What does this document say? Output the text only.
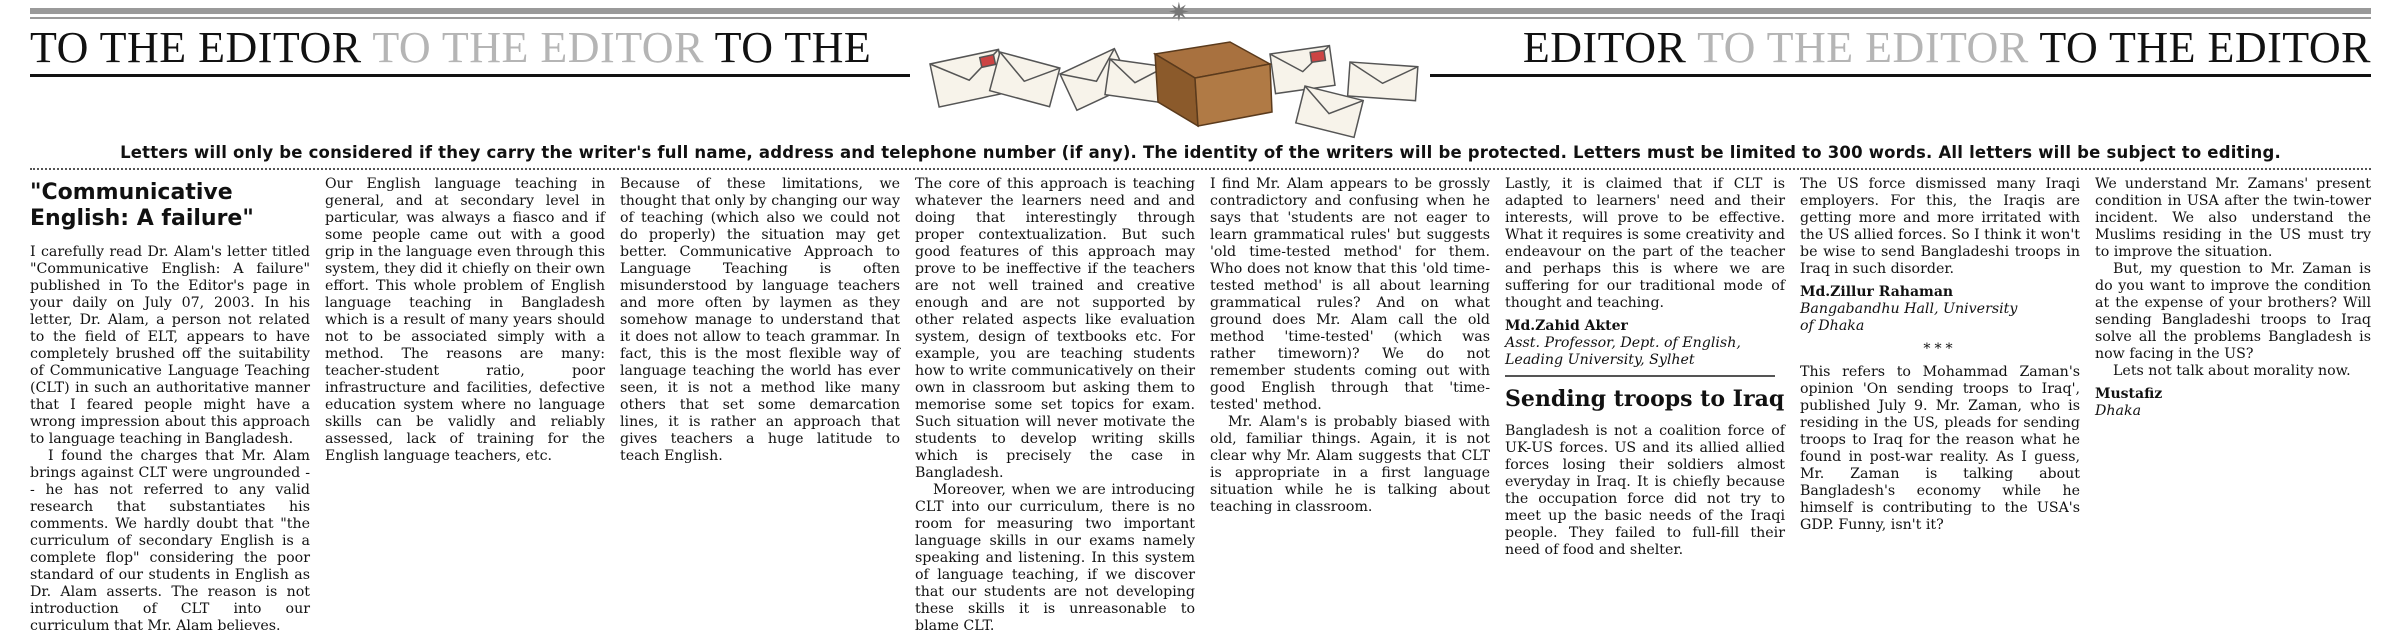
✷
TO THE EDITOR TO THE EDITOR TO THE	EDITOR TO THE EDITOR TO THE EDITOR
Letters will only be considered if they carry the writer's full name, address and telephone number (if any). The identity of the writers will be protected. Letters must be limited to 300 words. All letters will be subject to editing.
"Communicative English: A failure"

I carefully read Dr. Alam's letter titled "Communicative English: A failure" published in To the Editor's page in your daily on July 07, 2003. In his letter, Dr. Alam, a person not related to the field of ELT, appears to have completely brushed off the suitability of Communicative Language Teaching (CLT) in such an authoritative manner that I feared people might have a wrong impression about this approach to language teaching in Bangladesh.

I found the charges that Mr. Alam brings against CLT were ungrounded -- he has not referred to any valid research that substantiates his comments. We hardly doubt that "the curriculum of secondary English is a complete flop" considering the poor standard of our students in English as Dr. Alam asserts. The reason is not introduction of CLT into our curriculum that Mr. Alam believes.

Our English language teaching in general, and at secondary level in particular, was always a fiasco and if some people came out with a good grip in the language even through this system, they did it chiefly on their own effort. This whole problem of English language teaching in Bangladesh which is a result of many years should not to be associated simply with a method. The reasons are many: teacher-student ratio, poor infrastructure and facilities, defective education system where no language skills can be validly and reliably assessed, lack of training for the English language teachers, etc.

Because of these limitations, we thought that only by changing our way of teaching (which also we could not do properly) the situation may get better. Communicative Approach to Language Teaching is often misunderstood by language teachers and more often by laymen as they somehow manage to understand that it does not allow to teach grammar. In fact, this is the most flexible way of language teaching the world has ever seen, it is not a method like many others that set some demarcation lines, it is rather an approach that gives teachers a huge latitude to teach English.

The core of this approach is teaching whatever the learners need and and doing that interestingly through proper contextualization. But such good features of this approach may prove to be ineffective if the teachers are not well trained and creative enough and are not supported by other related aspects like evaluation system, design of textbooks etc. For example, you are teaching students how to write communicatively on their own in classroom but asking them to memorise some set topics for exam. Such situation will never motivate the students to develop writing skills which is precisely the case in Bangladesh.

Moreover, when we are introducing CLT into our curriculum, there is no room for measuring two important language skills in our exams namely speaking and listening. In this system of language teaching, if we discover that our students are not developing these skills it is unreasonable to blame CLT.

I find Mr. Alam appears to be grossly contradictory and confusing when he says that 'students are not eager to learn grammatical rules' but suggests 'old time-tested method' for them. Who does not know that this 'old time-tested method' is all about learning grammatical rules? And on what ground does Mr. Alam call the old method 'time-tested' (which was rather timeworn)? We do not remember students coming out with good English through that 'time-tested' method.

Mr. Alam's is probably biased with old, familiar things. Again, it is not clear why Mr. Alam suggests that CLT is appropriate in a first language situation while he is talking about teaching in classroom.

Lastly, it is claimed that if CLT is adapted to learners' need and their interests, will prove to be effective. What it requires is some creativity and endeavour on the part of the teacher and perhaps this is where we are suffering for our traditional mode of thought and teaching.

Md.Zahid Akter
Asst. Professor, Dept. of English,
Leading University, Sylhet
Sending troops to Iraq

Bangladesh is not a coalition force of UK-US forces. US and its allied allied forces losing their soldiers almost everyday in Iraq. It is chiefly because the occupation force did not try to meet up the basic needs of the Iraqi people. They failed to full-fill their need of food and shelter.

The US force dismissed many Iraqi employers. For this, the Iraqis are getting more and more irritated with the US allied forces. So I think it won't be wise to send Bangladeshi troops in Iraq in such disorder.

Md.Zillur Rahaman
Bangabandhu Hall, University
of Dhaka
***

This refers to Mohammad Zaman's opinion 'On sending troops to Iraq', published July 9. Mr. Zaman, who is residing in the US, pleads for sending troops to Iraq for the reason what he found in post-war reality. As I guess, Mr. Zaman is talking about Bangladesh's economy while he himself is contributing to the USA's GDP. Funny, isn't it?

We understand Mr. Zamans' present condition in USA after the twin-tower incident. We also understand the Muslims residing in the US must try to improve the situation.

But, my question to Mr. Zaman is do you want to improve the condition at the expense of your brothers? Will sending Bangladeshi troops to Iraq solve all the problems Bangladesh is now facing in the US?

Lets not talk about morality now.

Mustafiz
Dhaka
